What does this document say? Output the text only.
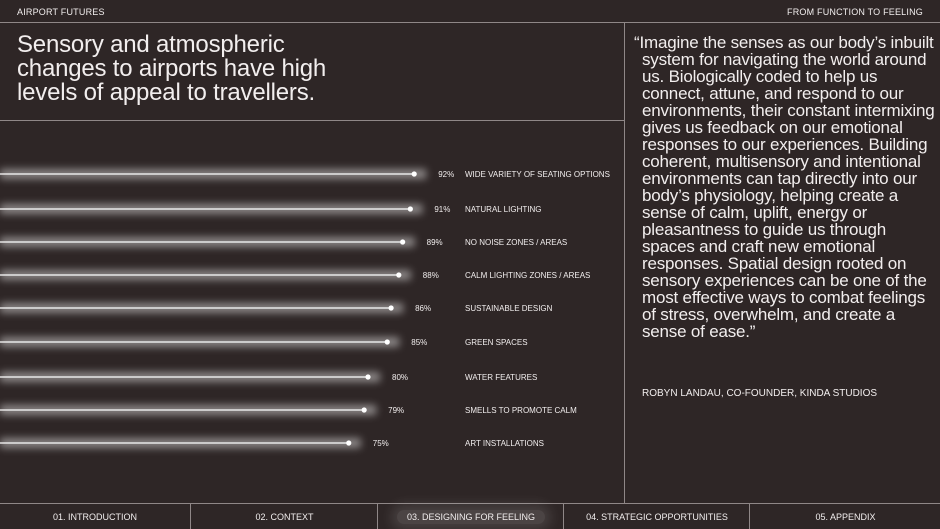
AIRPORT FUTURES	FROM FUNCTION TO FEELING
Sensory and atmospheric changes to airports have high levels of appeal to travellers.

“Imagine the senses as our body’s inbuilt system for navigating the world around us. Biologically coded to help us connect, attune, and respond to our environments, their constant intermixing gives us feedback on our emotional responses to our experiences. Building coherent, multisensory and intentional environments can tap directly into our body’s physiology, helping create a sense of calm, uplift, energy or pleasantness to guide us through spaces and craft new emotional responses. Spatial design rooted on sensory experiences can be one of the most effective ways to combat feelings of stress, overwhelm, and create a sense of ease.”

ROBYN LANDAU, CO-FOUNDER, KINDA STUDIOS
92% WIDE VARIETY OF SEATING OPTIONS
91% NATURAL LIGHTING
89%	NO NOISE ZONES / AREAS
88%	CALM LIGHTING ZONES / AREAS
86%	SUSTAINABLE DESIGN
85%	GREEN SPACES
80%	WATER FEATURES
79%	SMELLS TO PROMOTE CALM
75%	ART INSTALLATIONS
01. INTRODUCTION	02. CONTEXT	03. DESIGNING FOR FEELING	04. STRATEGIC OPPORTUNITIES	05. APPENDIX
